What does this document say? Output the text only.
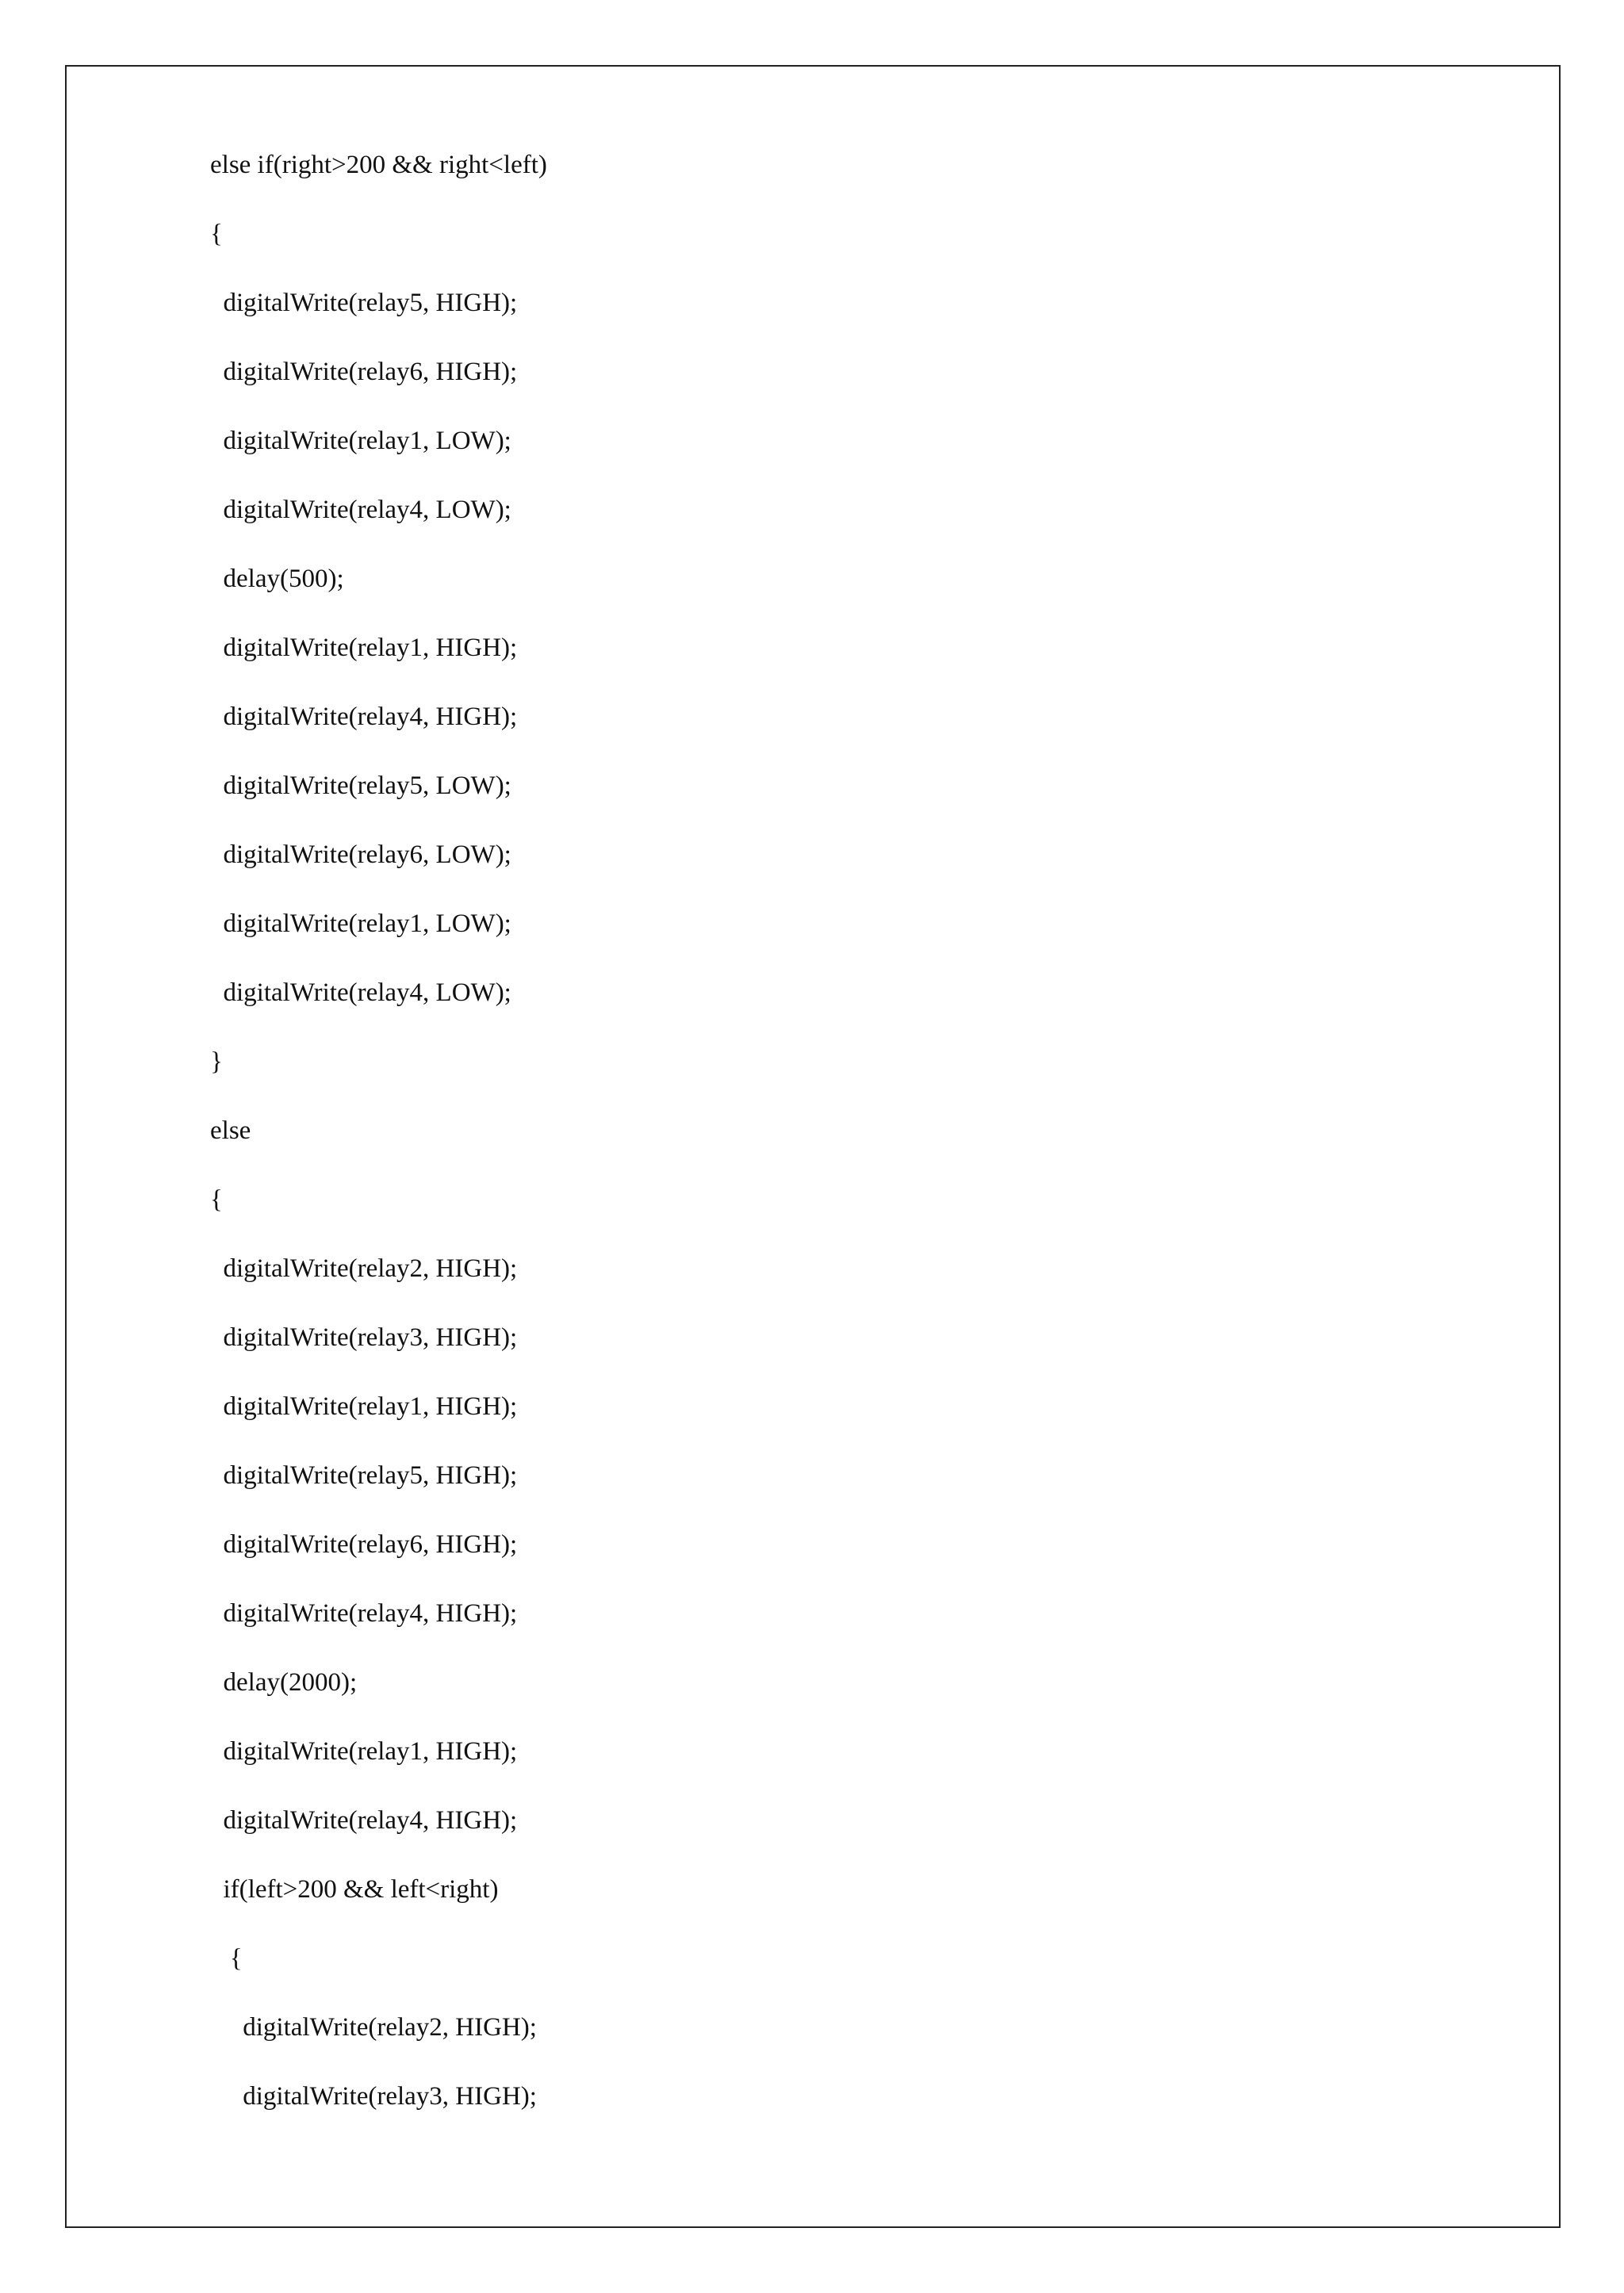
else if(right>200 && right<left)
{
digitalWrite(relay5, HIGH);
digitalWrite(relay6, HIGH);
digitalWrite(relay1, LOW);
digitalWrite(relay4, LOW);
delay(500);
digitalWrite(relay1, HIGH);
digitalWrite(relay4, HIGH);
digitalWrite(relay5, LOW);
digitalWrite(relay6, LOW);
digitalWrite(relay1, LOW);
digitalWrite(relay4, LOW);
}
else
{
digitalWrite(relay2, HIGH);
digitalWrite(relay3, HIGH);
digitalWrite(relay1, HIGH);
digitalWrite(relay5, HIGH);
digitalWrite(relay6, HIGH);
digitalWrite(relay4, HIGH);
delay(2000);
digitalWrite(relay1, HIGH);
digitalWrite(relay4, HIGH);
if(left>200 && left<right)
{
digitalWrite(relay2, HIGH);
digitalWrite(relay3, HIGH);
